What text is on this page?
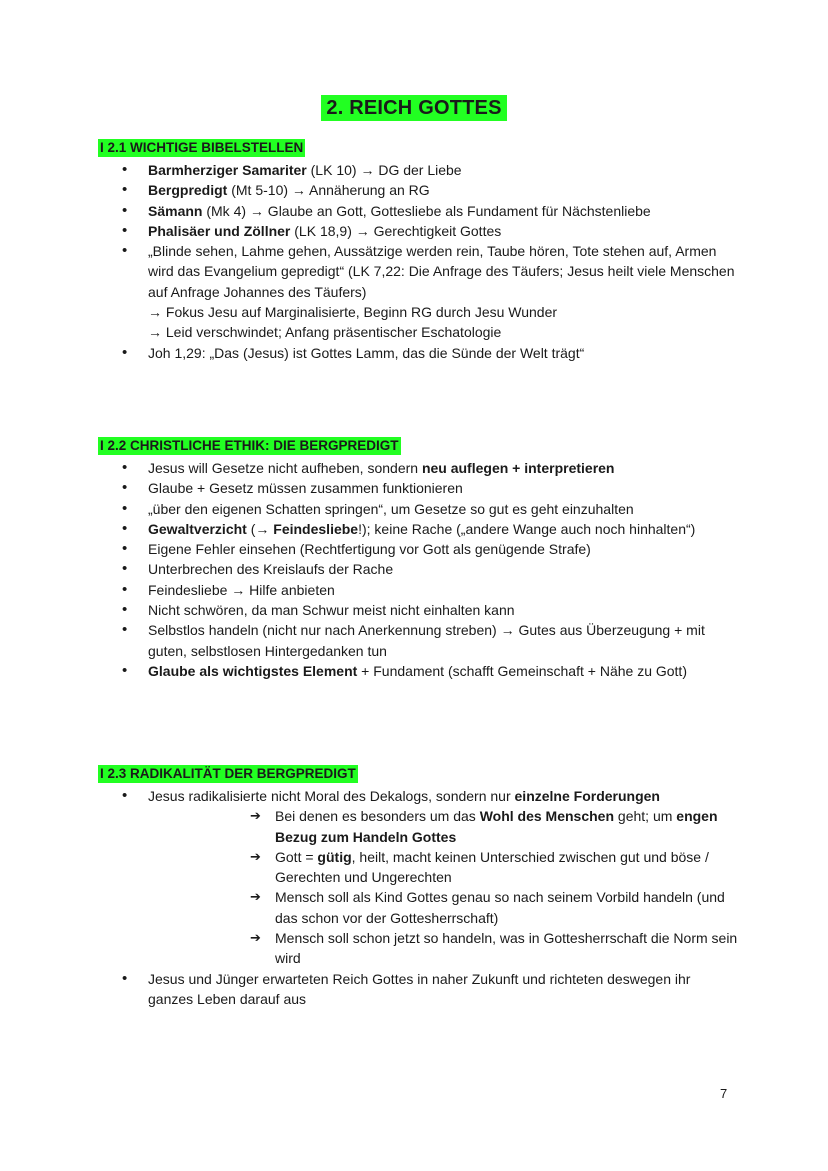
2. REICH GOTTES
I 2.1 WICHTIGE BIBELSTELLEN
• Barmherziger Samariter (LK 10) → DG der Liebe
• Bergpredigt (Mt 5-10) → Annäherung an RG
• Sämann (Mk 4) → Glaube an Gott, Gottesliebe als Fundament für Nächstenliebe
• Phalisäer und Zöllner (LK 18,9) → Gerechtigkeit Gottes
• „Blinde sehen, Lahme gehen, Aussätzige werden rein, Taube hören, Tote stehen auf, Armen wird das Evangelium gepredigt“ (LK 7,22: Die Anfrage des Täufers; Jesus heilt viele Menschen auf Anfrage Johannes des Täufers)
→ Fokus Jesu auf Marginalisierte, Beginn RG durch Jesu Wunder
→ Leid verschwindet; Anfang präsentischer Eschatologie
• Joh 1,29: „Das (Jesus) ist Gottes Lamm, das die Sünde der Welt trägt“
I 2.2 CHRISTLICHE ETHIK: DIE BERGPREDIGT
• Jesus will Gesetze nicht aufheben, sondern neu auflegen + interpretieren
• Glaube + Gesetz müssen zusammen funktionieren
• „über den eigenen Schatten springen“, um Gesetze so gut es geht einzuhalten
• Gewaltverzicht (→ Feindesliebe!); keine Rache („andere Wange auch noch hinhalten“)
• Eigene Fehler einsehen (Rechtfertigung vor Gott als genügende Strafe)
• Unterbrechen des Kreislaufs der Rache
• Feindesliebe → Hilfe anbieten
• Nicht schwören, da man Schwur meist nicht einhalten kann
• Selbstlos handeln (nicht nur nach Anerkennung streben) → Gutes aus Überzeugung + mit guten, selbstlosen Hintergedanken tun
• Glaube als wichtigstes Element + Fundament (schafft Gemeinschaft + Nähe zu Gott)
I 2.3 RADIKALITÄT DER BERGPREDIGT
• Jesus radikalisierte nicht Moral des Dekalogs, sondern nur einzelne Forderungen
➔ Bei denen es besonders um das Wohl des Menschen geht; um engen Bezug zum Handeln Gottes
➔ Gott = gütig, heilt, macht keinen Unterschied zwischen gut und böse / Gerechten und Ungerechten
➔ Mensch soll als Kind Gottes genau so nach seinem Vorbild handeln (und das schon vor der Gottesherrschaft)
➔ Mensch soll schon jetzt so handeln, was in Gottesherrschaft die Norm sein wird
• Jesus und Jünger erwarteten Reich Gottes in naher Zukunft und richteten deswegen ihr ganzes Leben darauf aus
7
